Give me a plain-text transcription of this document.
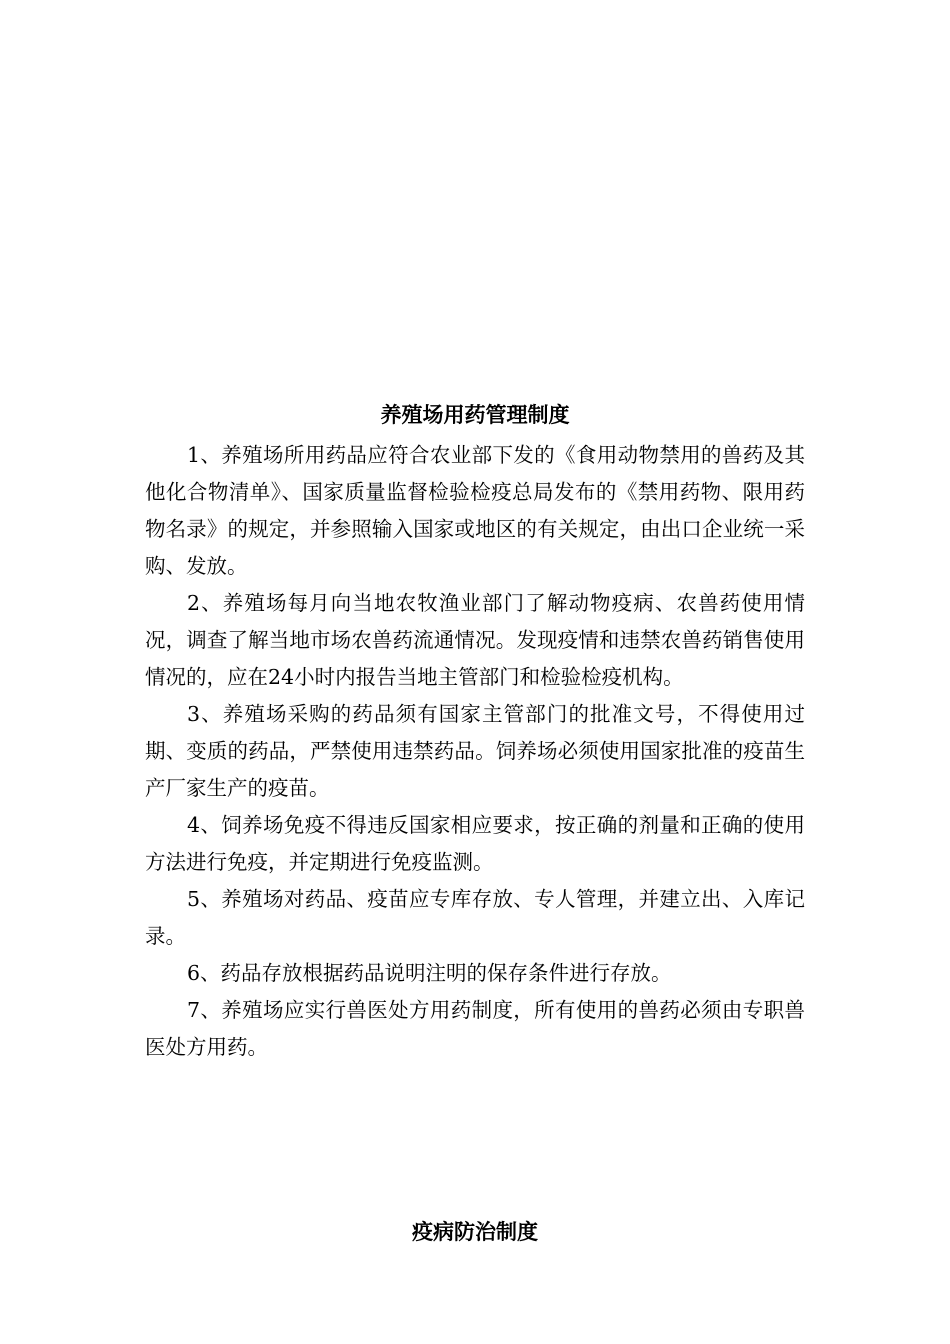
养殖场用药管理制度

1、养殖场所用药品应符合农业部下发的《食用动物禁用的兽药及其他化合物清单》、国家质量监督检验检疫总局发布的《禁用药物、限用药物名录》的规定，并参照输入国家或地区的有关规定，由出口企业统一采购、发放。

2、养殖场每月向当地农牧渔业部门了解动物疫病、农兽药使用情况，调查了解当地市场农兽药流通情况。发现疫情和违禁农兽药销售使用情况的，应在24小时内报告当地主管部门和检验检疫机构。

3、养殖场采购的药品须有国家主管部门的批准文号，不得使用过期、变质的药品，严禁使用违禁药品。饲养场必须使用国家批准的疫苗生产厂家生产的疫苗。

4、饲养场免疫不得违反国家相应要求，按正确的剂量和正确的使用方法进行免疫，并定期进行免疫监测。

5、养殖场对药品、疫苗应专库存放、专人管理，并建立出、入库记录。

6、药品存放根据药品说明注明的保存条件进行存放。

7、养殖场应实行兽医处方用药制度，所有使用的兽药必须由专职兽医处方用药。

疫病防治制度
